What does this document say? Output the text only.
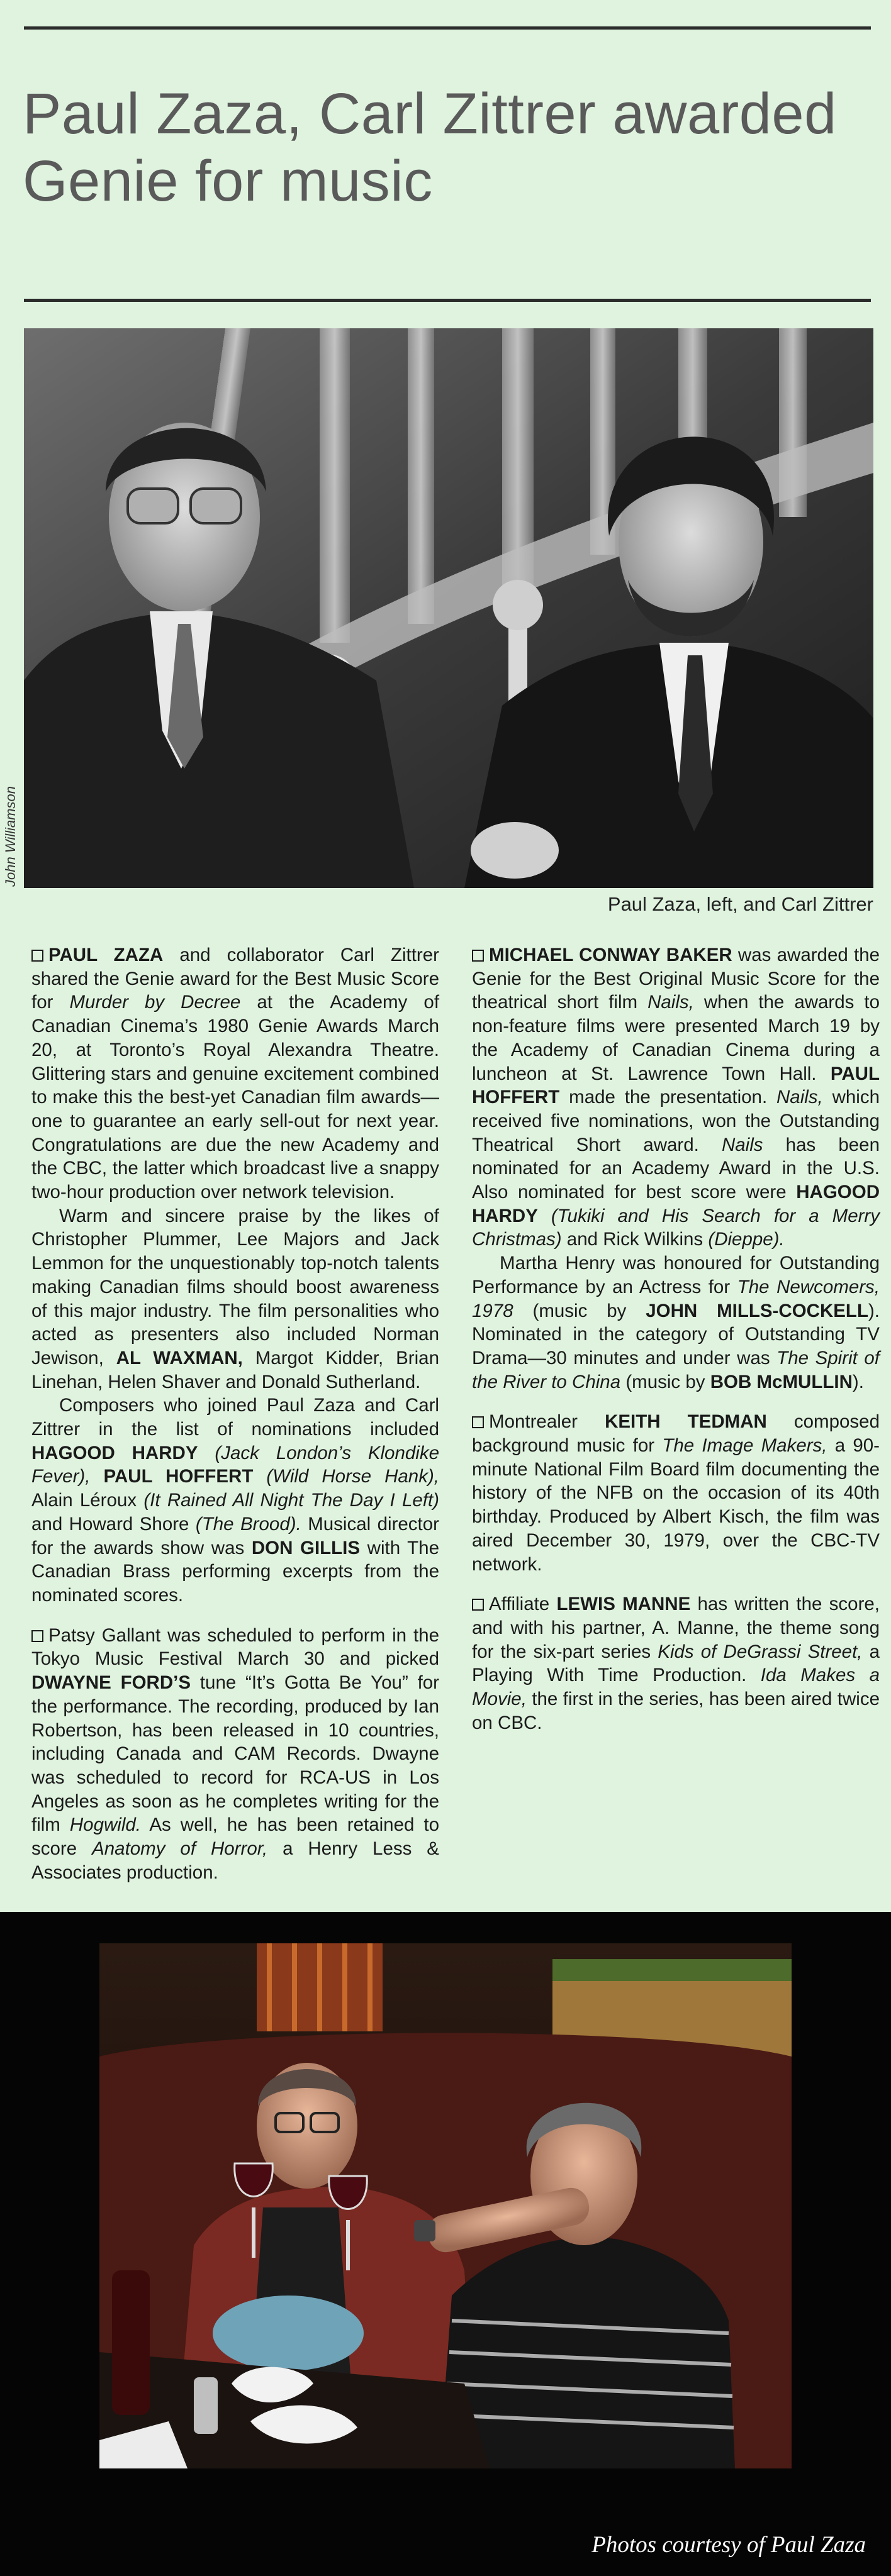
Paul Zaza, Carl Zittrer awarded Genie for music
John Williamson
Paul Zaza, left, and Carl Zittrer

PAUL ZAZA and collaborator Carl Zittrer shared the Genie award for the Best Music Score for Murder by Decree at the Academy of Canadian Cinema’s 1980 Genie Awards March 20, at Toronto’s Royal Alexandra Theatre. Glittering stars and genuine excitement combined to make this the best-yet Canadian film awards—one to guarantee an early sell-out for next year. Congratulations are due the new Academy and the CBC, the latter which broadcast live a snappy two-hour production over network television.

Warm and sincere praise by the likes of Christopher Plummer, Lee Majors and Jack Lemmon for the unquestionably top-notch talents making Canadian films should boost awareness of this major industry. The film personalities who acted as presenters also included Norman Jewison, AL WAXMAN, Margot Kidder, Brian Linehan, Helen Shaver and Donald Sutherland.

Composers who joined Paul Zaza and Carl Zittrer in the list of nominations included HAGOOD HARDY (Jack London’s Klondike Fever), PAUL HOFFERT (Wild Horse Hank), Alain Léroux (It Rained All Night The Day I Left) and Howard Shore (The Brood). Musical director for the awards show was DON GILLIS with The Canadian Brass performing excerpts from the nominated scores.

Patsy Gallant was scheduled to perform in the Tokyo Music Festival March 30 and picked DWAYNE FORD’S tune “It’s Gotta Be You” for the performance. The recording, produced by Ian Robertson, has been released in 10 countries, including Canada and CAM Records. Dwayne was scheduled to record for RCA-US in Los Angeles as soon as he completes writing for the film Hogwild. As well, he has been retained to score Anatomy of Horror, a Henry Less & Associates production.

MICHAEL CONWAY BAKER was awarded the Genie for the Best Original Music Score for the theatrical short film Nails, when the awards to non-feature films were presented March 19 by the Academy of Canadian Cinema during a luncheon at St. Lawrence Town Hall. PAUL HOFFERT made the presentation. Nails, which received five nominations, won the Outstanding Theatrical Short award. Nails has been nominated for an Academy Award in the U.S. Also nominated for best score were HAGOOD HARDY (Tukiki and His Search for a Merry Christmas) and Rick Wilkins (Dieppe).

Martha Henry was honoured for Outstanding Performance by an Actress for The Newcomers, 1978 (music by JOHN MILLS-COCKELL). Nominated in the category of Outstanding TV Drama—30 minutes and under was The Spirit of the River to China (music by BOB McMULLIN).

Montrealer KEITH TEDMAN composed background music for The Image Makers, a 90-minute National Film Board film documenting the history of the NFB on the occasion of its 40th birthday. Produced by Albert Kisch, the film was aired December 30, 1979, over the CBC-TV network.

Affiliate LEWIS MANNE has written the score, and with his partner, A. Manne, the theme song for the six-part series Kids of DeGrassi Street, a Playing With Time Production. Ida Makes a Movie, the first in the series, has been aired twice on CBC.

Photos courtesy of Paul Zaza
